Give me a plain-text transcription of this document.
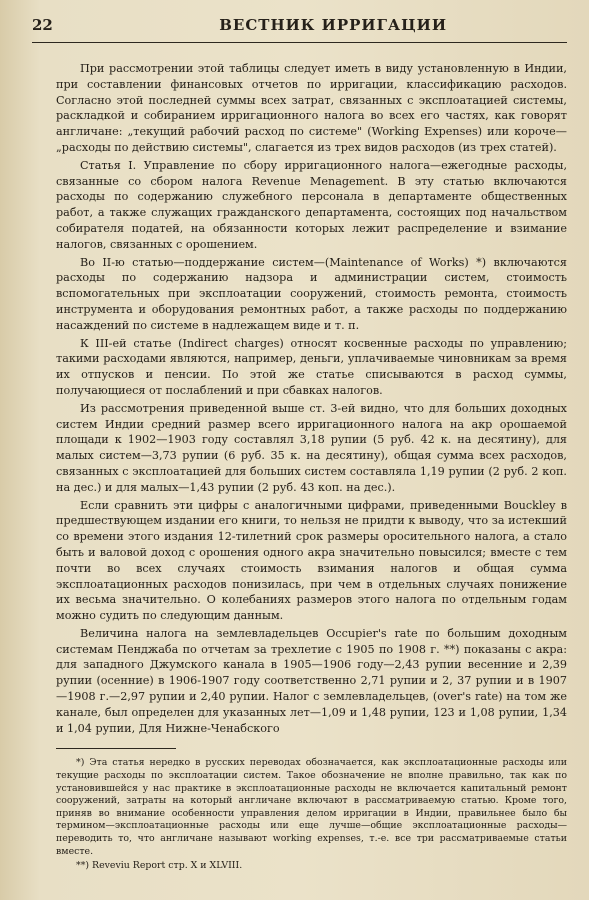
22	ВЕСТНИК ИРРИГАЦИИ

При рассмотрении этой таблицы следует иметь в виду установленную в Индии, при составлении финансовых отчетов по ирригации, классификацию расходов. Согласно этой последней суммы всех затрат, связанных с эксплоатацией системы, раскладкой и собиранием ирригационного налога во всех его частях, как говорят англичане: „текущий рабочий расход по системе" (Working Expenses) или короче—„расходы по действию системы", слагается из трех видов расходов (из трех статей).

Статья I. Управление по сбору ирригационного налога—ежегодные расходы, связанные со сбором налога Revenue Menagement. В эту статью включаются расходы по содержанию служебного персонала в департаменте общественных работ, а также служащих гражданского департамента, состоящих под начальством собирателя податей, на обязанности которых лежит распределение и взимание налогов, связанных с орошением.

Во II-ю статью—поддержание систем—(Maintenance of Works) *) включаются расходы по содержанию надзора и администрации систем, стоимость вспомогательных при эксплоатации сооружений, стоимость ремонта, стоимость инструмента и оборудования ремонтных работ, а также расходы по поддержанию насаждений по системе в надлежащем виде и т. п.

К III-ей статье (Indirect charges) относят косвенные расходы по управлению; такими расходами являются, например, деньги, уплачиваемые чиновникам за время их отпусков и пенсии. По этой же статье списываются в расход суммы, получающиеся от послаблений и при сбавках налогов.

Из рассмотрения приведенной выше ст. 3-ей видно, что для больших доходных систем Индии средний размер всего ирригационного налога на акр орошаемой площади к 1902—1903 году составлял 3,18 рупии (5 руб. 42 к. на десятину), для малых систем—3,73 рупии (6 руб. 35 к. на десятину), общая сумма всех расходов, связанных с эксплоатацией для больших систем составляла 1,19 рупии (2 руб. 2 коп. на дес.) и для малых—1,43 рупии (2 руб. 43 коп. на дес.).

Если сравнить эти цифры с аналогичными цифрами, приведенными Bouckley в предшествующем издании его книги, то нельзя не придти к выводу, что за истекший со времени этого издания 12-тилетний срок размеры оросительного налога, а стало быть и валовой доход с орошения одного акра значительно повысился; вместе с тем почти во всех случаях стоимость взимания налогов и общая сумма эксплоатационных расходов понизилась, при чем в отдельных случаях понижение их весьма значительно. О колебаниях размеров этого налога по отдельным годам можно судить по следующим данным.

Величина налога на землевладельцев Occupier's rate по большим доходным системам Пенджаба по отчетам за трехлетие с 1905 по 1908 г. **) показаны с акра: для западного Джумского канала в 1905—1906 году—2,43 рупии весенние и 2,39 рупии (осенние) в 1906-1907 году соответственно 2,71 рупии и 2, 37 рупии и в 1907—1908 г.—2,97 рупии и 2,40 рупии. Налог с землевладельцев, (over's rate) на том же канале, был определен для указанных лет—1,09 и 1,48 рупии, 123 и 1,08 рупии, 1,34 и 1,04 рупии, Для Нижне-Ченабского

*) Эта статья нередко в русских переводах обозначается, как эксплоатационные расходы или текущие расходы по эксплоатации систем. Такое обозначение не вполне правильно, так как по установившейся у нас практике в эксплоатационные расходы не включается капитальный ремонт сооружений, затраты на который англичане включают в рассматриваемую статью. Кроме того, приняв во внимание особенности управления делом ирригации в Индии, правильнее было бы термином—эксплоатационные расходы или еще лучше—общие эксплоатационные расходы—переводить то, что англичане называют working expenses, т.-е. все три рассматриваемые статьи вместе.

**) Reveviu Report стр. X и XLVIII.
